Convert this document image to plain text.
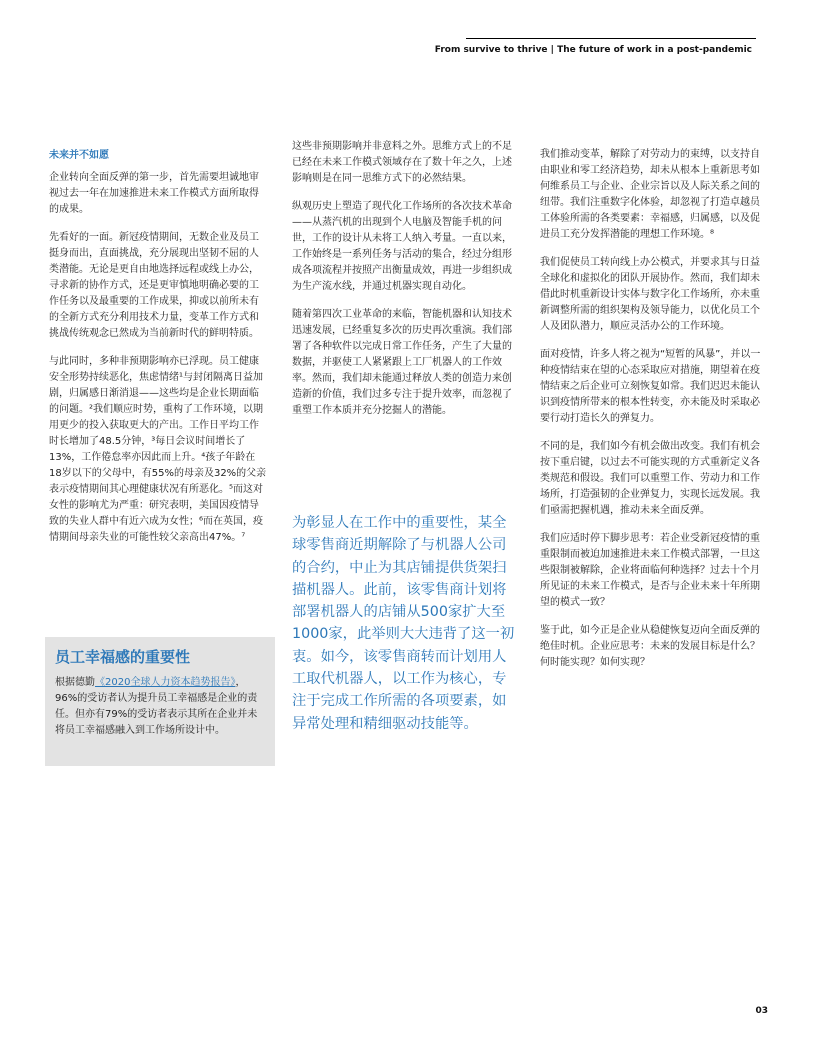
From survive to thrive | The future of work in a post-pandemic
未来并不如愿

企业转向全面反弹的第一步，首先需要坦诚地审视过去一年在加速推进未来工作模式方面所取得的成果。

先看好的一面。新冠疫情期间，无数企业及员工挺身而出，直面挑战，充分展现出坚韧不屈的人类潜能。无论是更自由地选择远程或线上办公，寻求新的协作方式，还是更审慎地明确必要的工作任务以及最重要的工作成果，抑或以前所未有的全新方式充分利用技术力量，变革工作方式和挑战传统观念已然成为当前新时代的鲜明特质。

与此同时，多种非预期影响亦已浮现。员工健康安全形势持续恶化，焦虑情绪¹与封闭隔离日益加剧，归属感日渐消退——这些均是企业长期面临的问题。²我们顺应时势，重构了工作环境，以期用更少的投入获取更大的产出。工作日平均工作时长增加了48.5分钟，³每日会议时间增长了13%，工作倦怠率亦因此而上升。⁴孩子年龄在18岁以下的父母中，有55%的母亲及32%的父亲表示疫情期间其心理健康状况有所恶化。⁵而这对女性的影响尤为严重：研究表明，美国因疫情导致的失业人群中有近六成为女性；⁶而在英国，疫情期间母亲失业的可能性较父亲高出47%。⁷

员工幸福感的重要性
根据德勤《2020全球人力资本趋势报告》，96%的受访者认为提升员工幸福感是企业的责任。但亦有79%的受访者表示其所在企业并未将员工幸福感融入到工作场所设计中。

这些非预期影响并非意料之外。思维方式上的不足已经在未来工作模式领域存在了数十年之久，上述影响则是在同一思维方式下的必然结果。

纵观历史上塑造了现代化工作场所的各次技术革命——从蒸汽机的出现到个人电脑及智能手机的问世，工作的设计从未将工人纳入考量。一直以来，工作始终是一系列任务与活动的集合，经过分组形成各项流程并按照产出衡量成效，再进一步组织成为生产流水线，并通过机器实现自动化。

随着第四次工业革命的来临，智能机器和认知技术迅速发展，已经重复多次的历史再次重演。我们部署了各种软件以完成日常工作任务，产生了大量的数据，并驱使工人紧紧跟上工厂机器人的工作效率。然而，我们却未能通过释放人类的创造力来创造新的价值，我们过多专注于提升效率，而忽视了重塑工作本质并充分挖掘人的潜能。

为彰显人在工作中的重要性，某全球零售商近期解除了与机器人公司的合约，中止为其店铺提供货架扫描机器人。此前，该零售商计划将部署机器人的店铺从500家扩大至1000家，此举则大大违背了这一初衷。如今，该零售商转而计划用人工取代机器人，以工作为核心，专注于完成工作所需的各项要素，如异常处理和精细驱动技能等。

我们推动变革，解除了对劳动力的束缚，以支持自由职业和零工经济趋势，却未从根本上重新思考如何维系员工与企业、企业宗旨以及人际关系之间的纽带。我们注重数字化体验，却忽视了打造卓越员工体验所需的各类要素：幸福感，归属感，以及促进员工充分发挥潜能的理想工作环境。⁸

我们促使员工转向线上办公模式，并要求其与日益全球化和虚拟化的团队开展协作。然而，我们却未借此时机重新设计实体与数字化工作场所，亦未重新调整所需的组织架构及领导能力，以优化员工个人及团队潜力，顺应灵活办公的工作环境。

面对疫情，许多人将之视为“短暂的风暴”，并以一种疫情结束在望的心态采取应对措施，期望着在疫情结束之后企业可立刻恢复如常。我们迟迟未能认识到疫情所带来的根本性转变，亦未能及时采取必要行动打造长久的弹复力。

不同的是，我们如今有机会做出改变。我们有机会按下重启键，以过去不可能实现的方式重新定义各类规范和假设。我们可以重塑工作、劳动力和工作场所，打造强韧的企业弹复力，实现长远发展。我们亟需把握机遇，推动未来全面反弹。

我们应适时停下脚步思考：若企业受新冠疫情的重重限制而被迫加速推进未来工作模式部署，一旦这些限制被解除，企业将面临何种选择？过去十个月所见证的未来工作模式，是否与企业未来十年所期望的模式一致？

鉴于此，如今正是企业从稳健恢复迈向全面反弹的绝佳时机。企业应思考：未来的发展目标是什么？何时能实现？如何实现？

03
